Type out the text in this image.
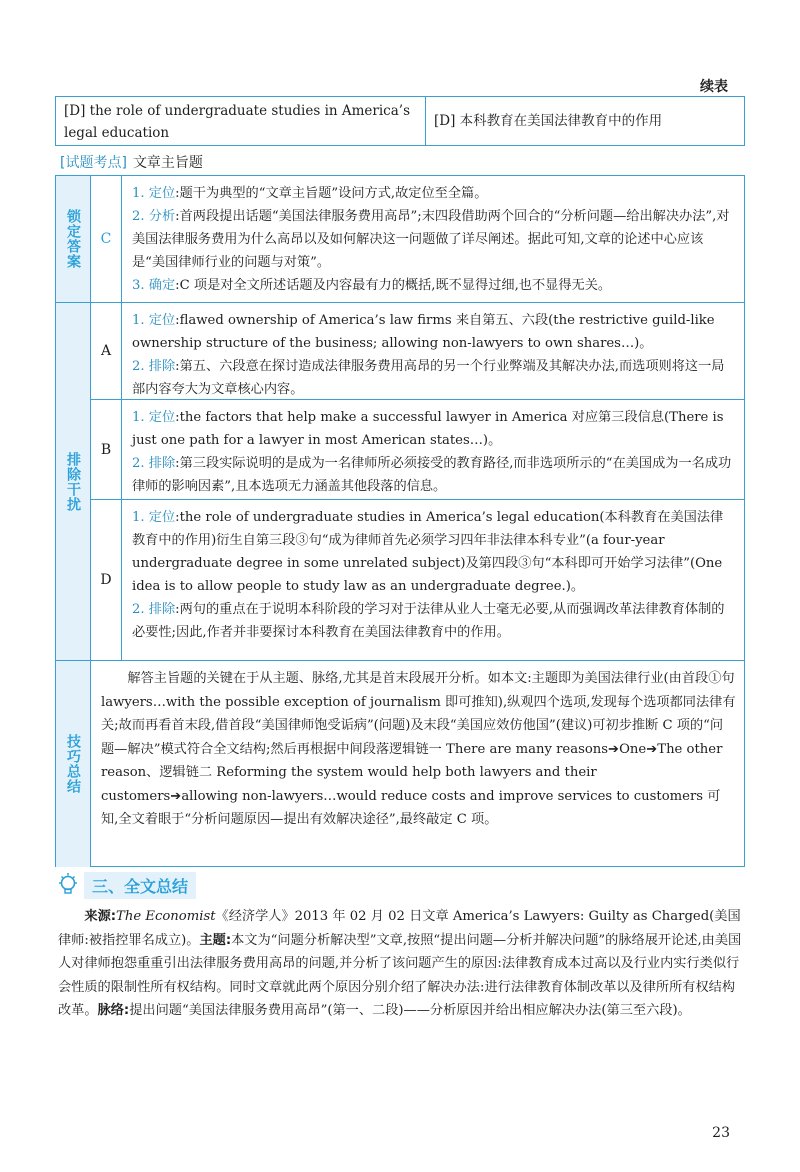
续表
[D] the role of undergraduate studies in America’s legal education
[D] 本科教育在美国法律教育中的作用
[试题考点] 文章主旨题
锁定答案	C

1. 定位:题干为典型的“文章主旨题”设问方式,故定位至全篇。

2. 分析:首两段提出话题“美国法律服务费用高昂”;末四段借助两个回合的“分析问题—给出解决办法”,对美国法律服务费用为什么高昂以及如何解决这一问题做了详尽阐述。据此可知,文章的论述中心应该是“美国律师行业的问题与对策”。

3. 确定:C 项是对全文所述话题及内容最有力的概括,既不显得过细,也不显得无关。

排除干扰
A

1. 定位:flawed ownership of America’s law firms 来自第五、六段(the restrictive guild-like ownership structure of the business; allowing non-lawyers to own shares…)。

2. 排除:第五、六段意在探讨造成法律服务费用高昂的另一个行业弊端及其解决办法,而选项则将这一局部内容夸大为文章核心内容。

B

1. 定位:the factors that help make a successful lawyer in America 对应第三段信息(There is just one path for a lawyer in most American states…)。

2. 排除:第三段实际说明的是成为一名律师所必须接受的教育路径,而非选项所示的“在美国成为一名成功律师的影响因素”,且本选项无力涵盖其他段落的信息。

D

1. 定位:the role of undergraduate studies in America’s legal education(本科教育在美国法律教育中的作用)衍生自第三段③句“成为律师首先必须学习四年非法律本科专业”(a four-year undergraduate degree in some unrelated subject)及第四段③句“本科即可开始学习法律”(One idea is to allow people to study law as an undergraduate degree.)。

2. 排除:两句的重点在于说明本科阶段的学习对于法律从业人士毫无必要,从而强调改革法律教育体制的必要性;因此,作者并非要探讨本科教育在美国法律教育中的作用。

技巧总结
解答主旨题的关键在于从主题、脉络,尤其是首末段展开分析。如本文:主题即为美国法律行业(由首段①句 lawyers…with the possible exception of journalism 即可推知),纵观四个选项,发现每个选项都同法律有关;故而再看首末段,借首段“美国律师饱受诟病”(问题)及末段“美国应效仿他国”(建议)可初步推断 C 项的“问题—解决”模式符合全文结构;然后再根据中间段落逻辑链一 There are many reasons➔One➔The other reason、逻辑链二 Reforming the system would help both lawyers and their customers➔allowing non-lawyers…would reduce costs and improve services to customers 可知,全文着眼于“分析问题原因—提出有效解决途径”,最终敲定 C 项。
三、全文总结
来源:The Economist《经济学人》2013 年 02 月 02 日文章 America’s Lawyers: Guilty as Charged(美国律师:被指控罪名成立)。主题:本文为“问题分析解决型”文章,按照“提出问题—分析并解决问题”的脉络展开论述,由美国人对律师抱怨重重引出法律服务费用高昂的问题,并分析了该问题产生的原因:法律教育成本过高以及行业内实行类似行会性质的限制性所有权结构。同时文章就此两个原因分别介绍了解决办法:进行法律教育体制改革以及律所所有权结构改革。脉络:提出问题“美国法律服务费用高昂”(第一、二段)——分析原因并给出相应解决办法(第三至六段)。
23
